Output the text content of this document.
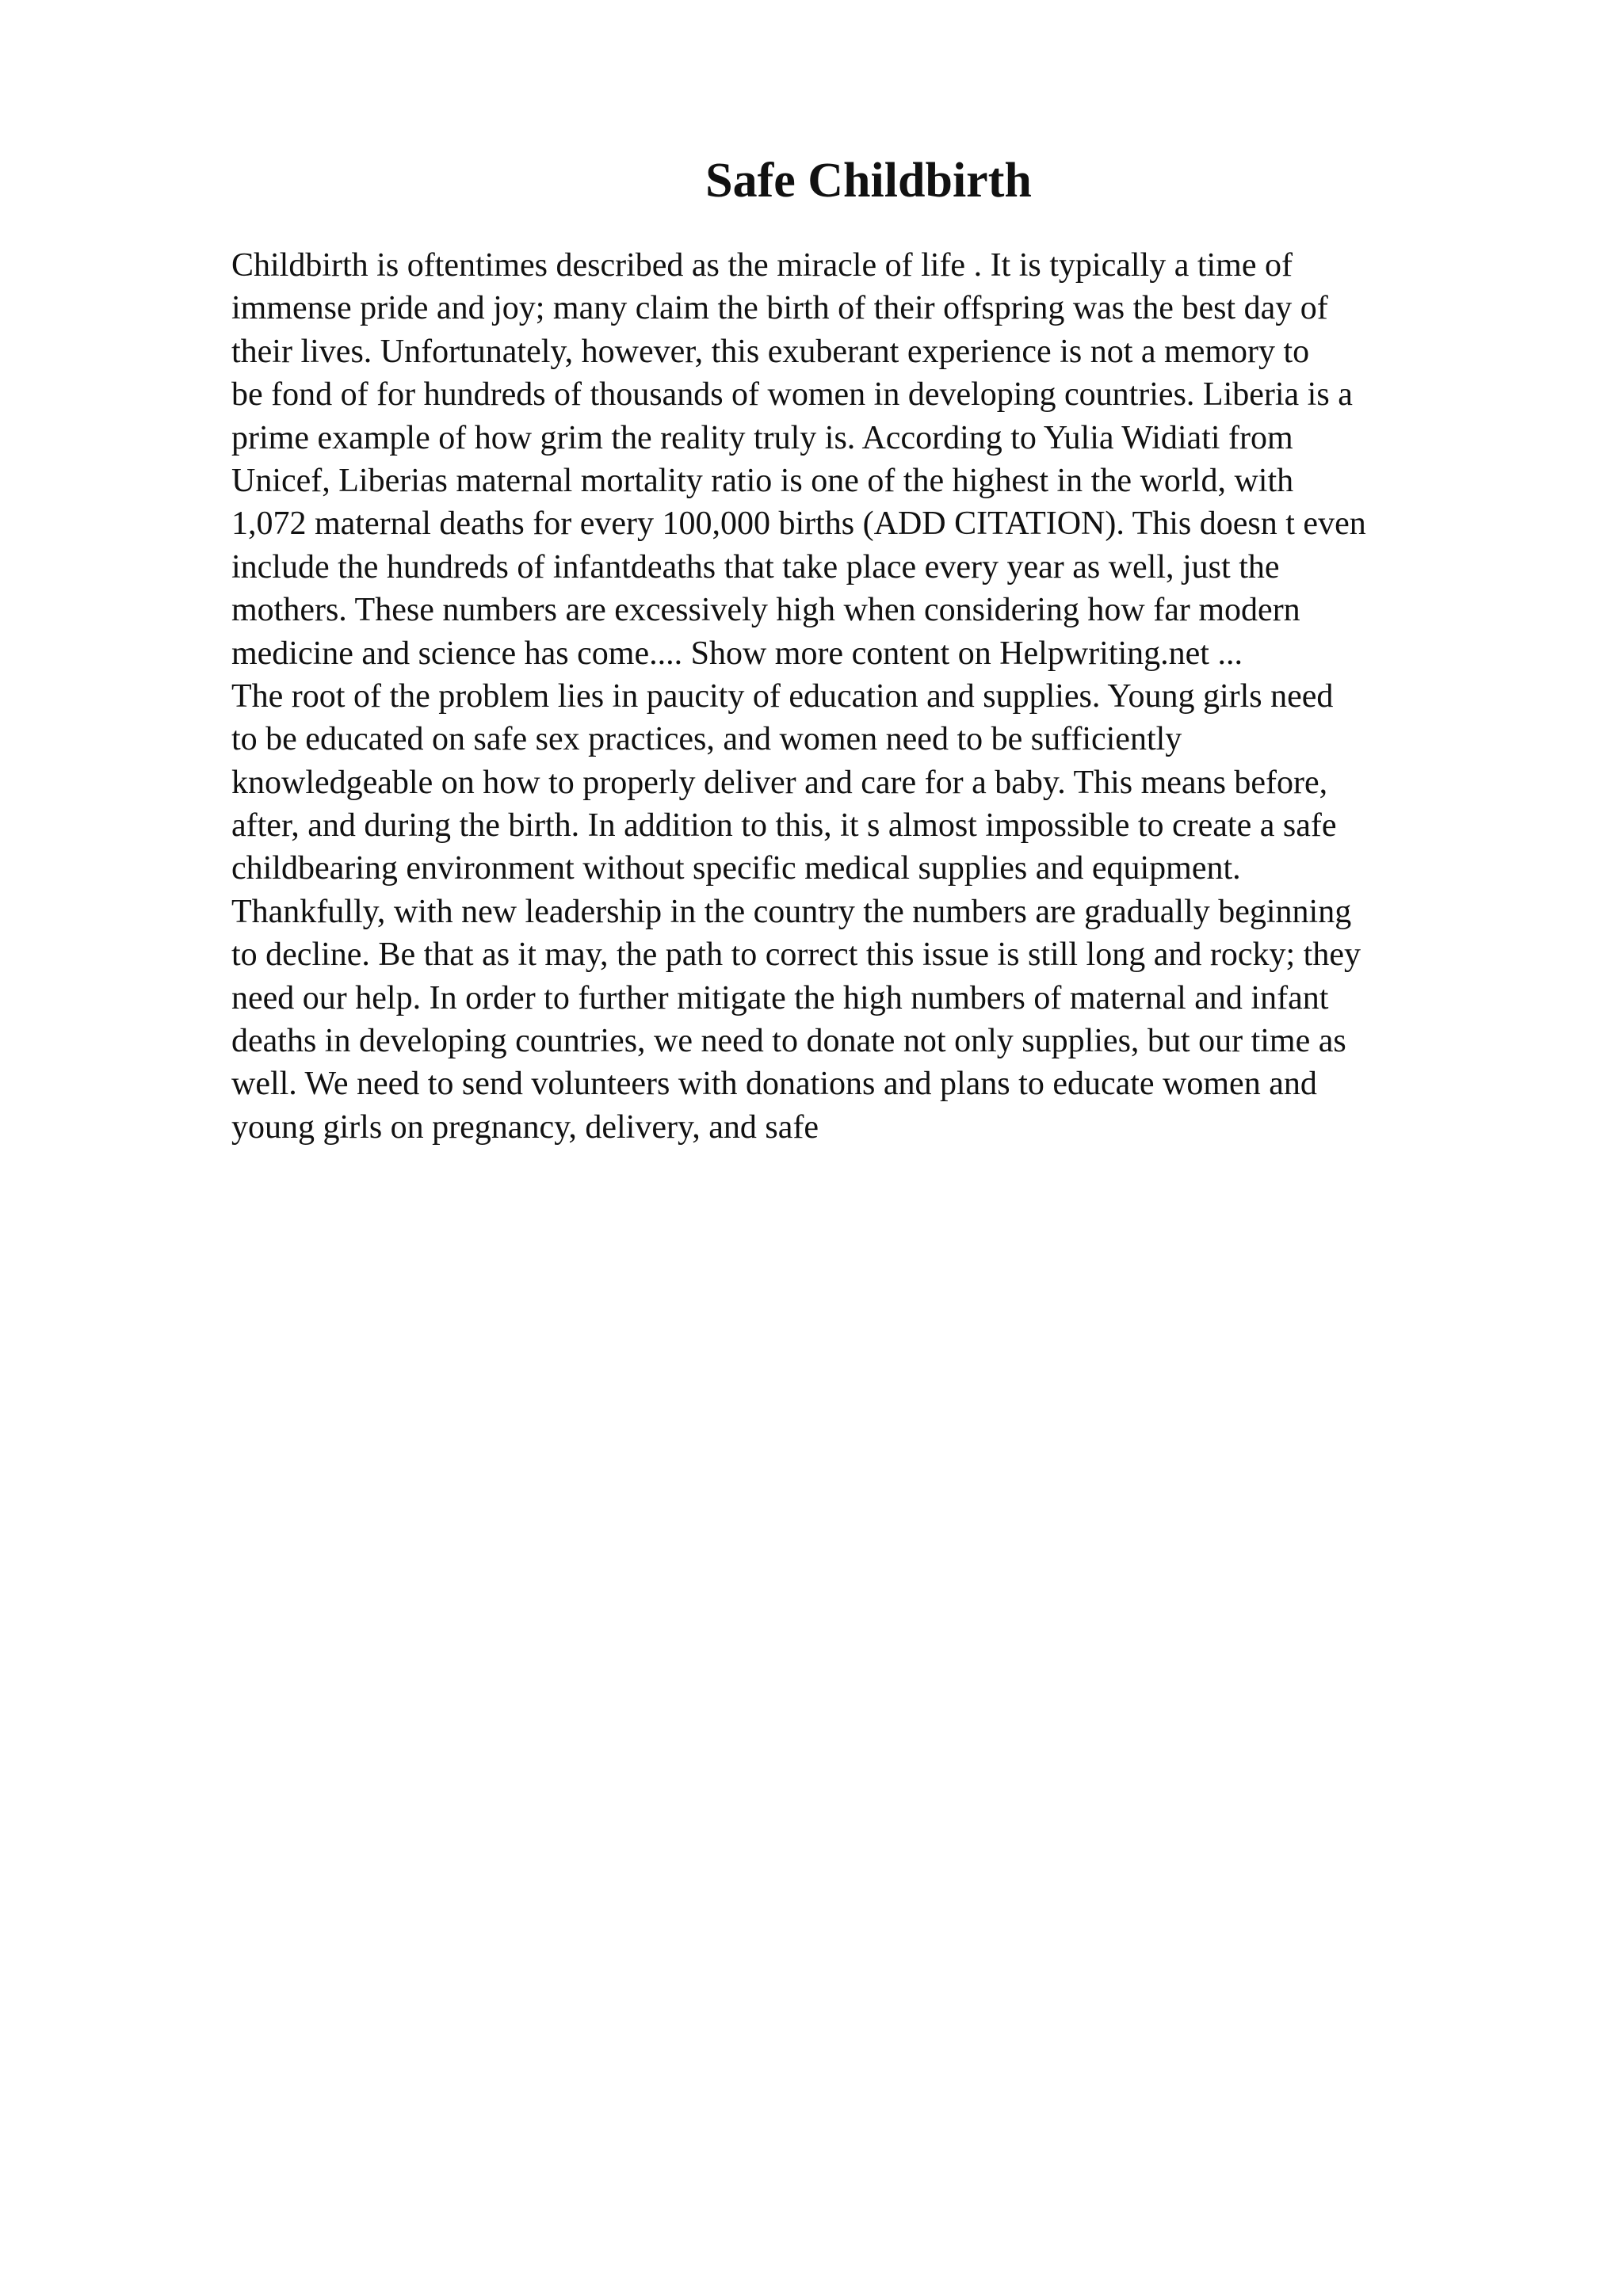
Safe Childbirth
Childbirth is oftentimes described as the miracle of life . It is typically a time of
immense pride and joy; many claim the birth of their offspring was the best day of
their lives. Unfortunately, however, this exuberant experience is not a memory to
be fond of for hundreds of thousands of women in developing countries. Liberia is a
prime example of how grim the reality truly is. According to Yulia Widiati from
Unicef, Liberias maternal mortality ratio is one of the highest in the world, with
1,072 maternal deaths for every 100,000 births (ADD CITATION). This doesn t even
include the hundreds of infantdeaths that take place every year as well, just the
mothers. These numbers are excessively high when considering how far modern
medicine and science has come.... Show more content on Helpwriting.net ...
The root of the problem lies in paucity of education and supplies. Young girls need
to be educated on safe sex practices, and women need to be sufficiently
knowledgeable on how to properly deliver and care for a baby. This means before,
after, and during the birth. In addition to this, it s almost impossible to create a safe
childbearing environment without specific medical supplies and equipment.
Thankfully, with new leadership in the country the numbers are gradually beginning
to decline. Be that as it may, the path to correct this issue is still long and rocky; they
need our help. In order to further mitigate the high numbers of maternal and infant
deaths in developing countries, we need to donate not only supplies, but our time as
well. We need to send volunteers with donations and plans to educate women and
young girls on pregnancy, delivery, and safe
